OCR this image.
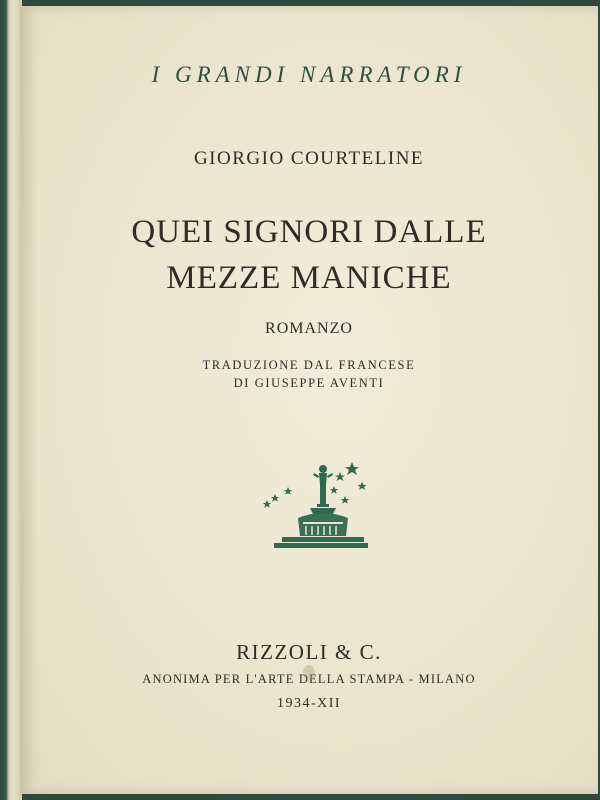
I GRANDI NARRATORI
GIORGIO COURTELINE
QUEI SIGNORI DALLE
MEZZE MANICHE
ROMANZO
TRADUZIONE DAL FRANCESE
DI GIUSEPPE AVENTI
RIZZOLI & C.
ANONIMA PER L'ARTE DELLA STAMPA - MILANO
1934-XII
